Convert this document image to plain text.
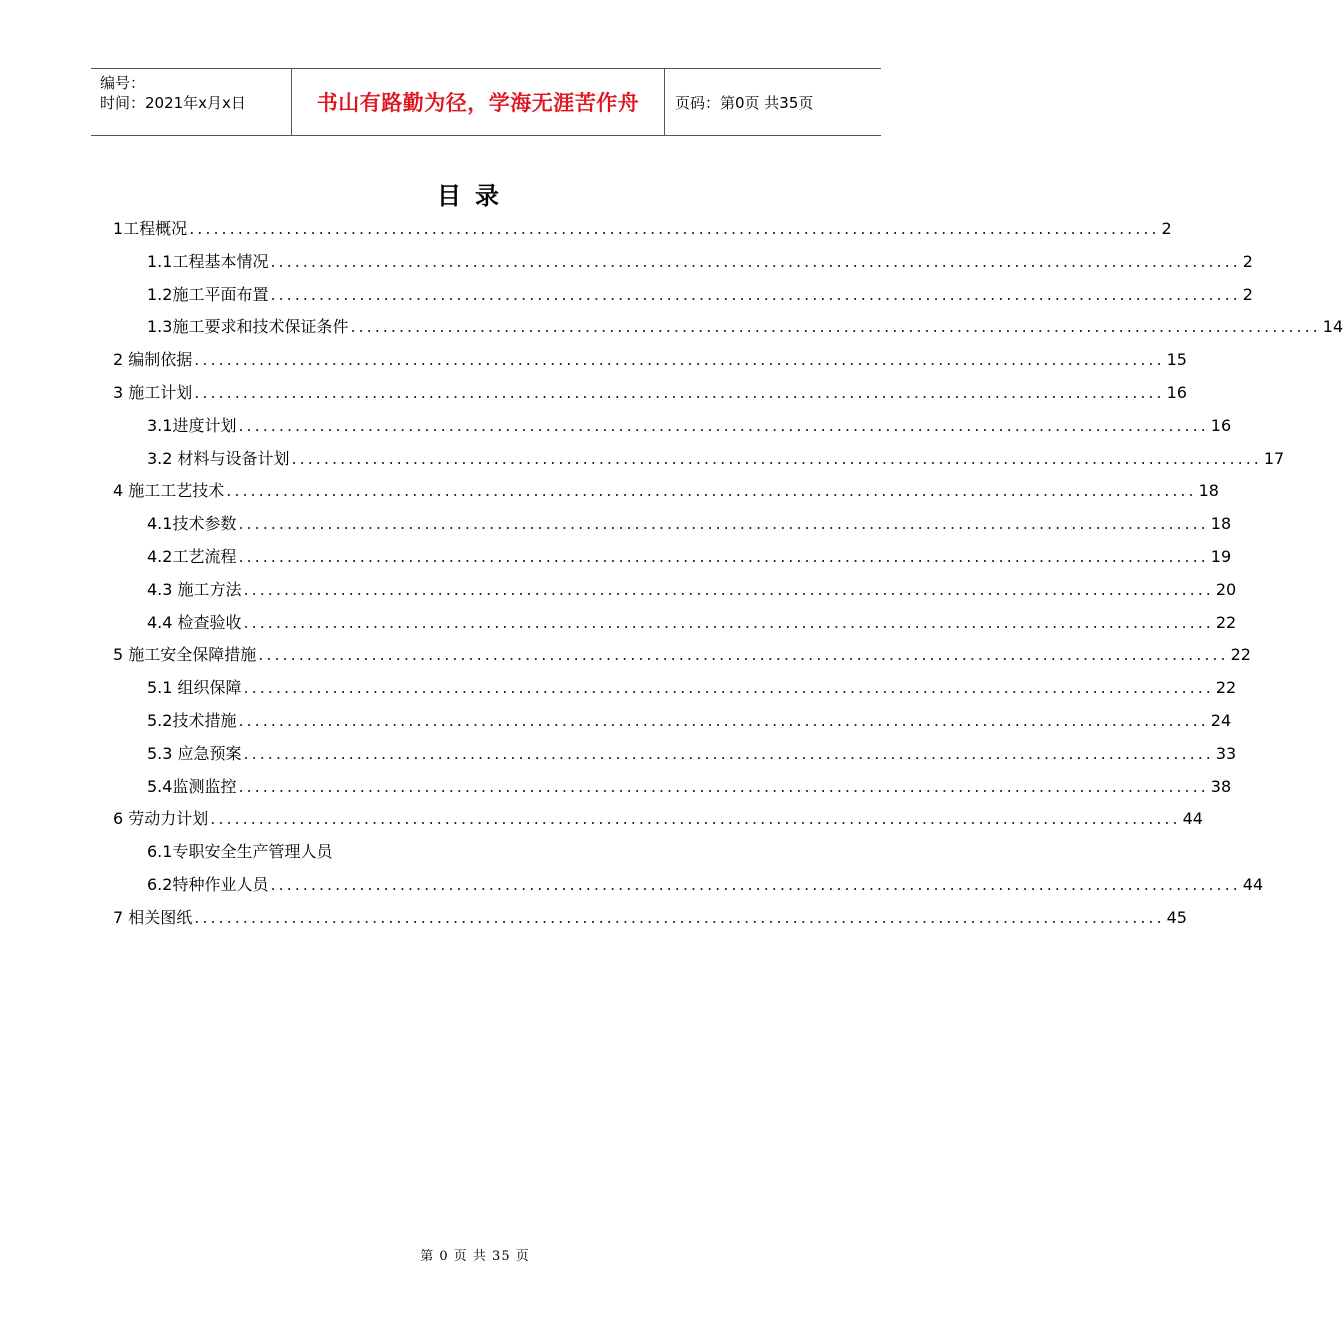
编号：
时间：2021年x月x日	书山有路勤为径，学海无涯苦作舟	页码：第0页 共35页
目录
1工程概况 ........................................................................................................................ 2
1.1工程基本情况 ........................................................................................................................ 2
1.2施工平面布置 ........................................................................................................................ 2
1.3施工要求和技术保证条件 ........................................................................................................................ 14
2 编制依据 ........................................................................................................................ 15
3 施工计划 ........................................................................................................................ 16
3.1进度计划 ........................................................................................................................ 16
3.2 材料与设备计划 ........................................................................................................................ 17
4 施工工艺技术 ........................................................................................................................ 18
4.1技术参数 ........................................................................................................................ 18
4.2工艺流程 ........................................................................................................................ 19
4.3 施工方法 ........................................................................................................................ 20
4.4 检查验收 ........................................................................................................................ 22
5 施工安全保障措施 ........................................................................................................................ 22
5.1 组织保障 ........................................................................................................................ 22
5.2技术措施 ........................................................................................................................ 24
5.3 应急预案 ........................................................................................................................ 33
5.4监测监控 ........................................................................................................................ 38
6 劳动力计划 ........................................................................................................................ 44
6.1专职安全生产管理人员
6.2特种作业人员 ........................................................................................................................ 44
7 相关图纸 ........................................................................................................................ 45
第 0 页 共 35 页
